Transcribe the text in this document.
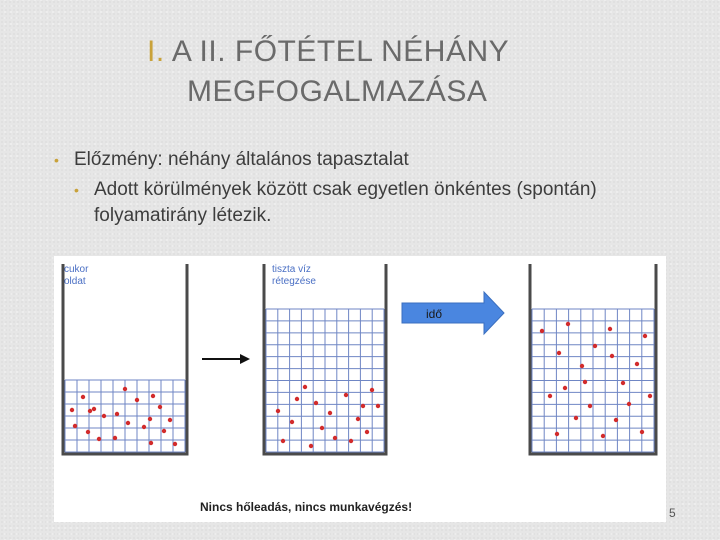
I. A II. FŐTÉTEL NÉHÁNY
MEGFOGALMAZÁSA
• Előzmény: néhány általános tapasztalat
• Adott körülmények között csak egyetlen önkéntes (spontán) folyamatirány létezik.
cukor
oldat
tiszta víz
rétegzése
idő
Nincs hőleadás, nincs munkavégzés!	5
